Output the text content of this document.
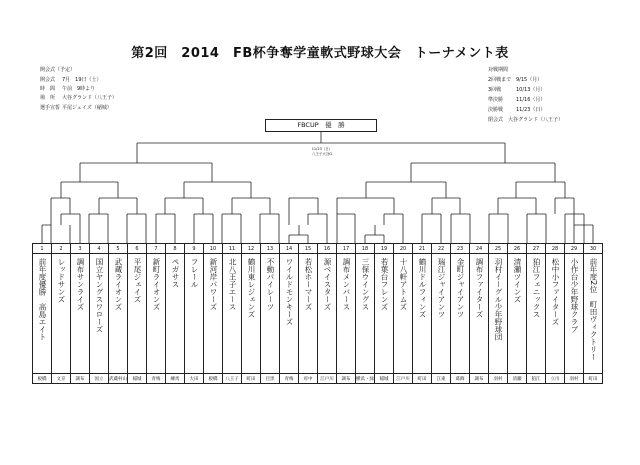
第2回　2014　FB杯争奪学童軟式野球大会　トーナメント表
開会式（予定）
開会式 7月　19日（土）
時　間 午前　9時より
場　所 大谷グランド（八王子）
選手宣誓 平尾ジェイズ（稲城）
対戦期間
2回戦まで 9/15（月）
3回戦	10/13（月）
準決勝	11/16（月）
決勝戦	11/23（日）
閉会式　大谷グランド（八王子）
FBCUP　優　勝
11/23（日）
八王子大谷G
1
前年度優勝　高島エイト
板橋
2
レッドサンズ
文京
3
調布サンライズ
調布
4
国立ヤングスワローズ
国立
5
武蔵ライオンズ
武蔵村山
6
平尾ジェイズ
稲城
7
新町ライオンズ
青梅
8
ペガサス
練馬
9
フレール
大田
10
新河岸パワーズ
板橋
11
北八王子エース
八王子
12
鶴川東レジェンズ
町田
13
不動パイレーツ
目黒
14
ワイルドモンキーズ
青梅
15
若松ホーマーズ
府中
16
源ベイスターズ
江戸川
17
調布メンバース
調布
18
三保ウイングス
横浜・緑
19
若葉台フレンズ
稲城
20
十八軒アトムズ
江戸川
21
鶴川ドルフィンズ
町田
22
瑞江ジャイアンツ
江東
23
金町ジャイアンツ
葛飾
24
調布ファイターズ
調布
25
羽村イーグル少年野球団
羽村
26
清瀬ツインズ
清瀬
27
狛江フェニックス
狛江
28
松中小ファイターズ
立川
29
小作台少年野球クラブ
羽村
30
前年度2位　町田ヴィクトリー
町田
